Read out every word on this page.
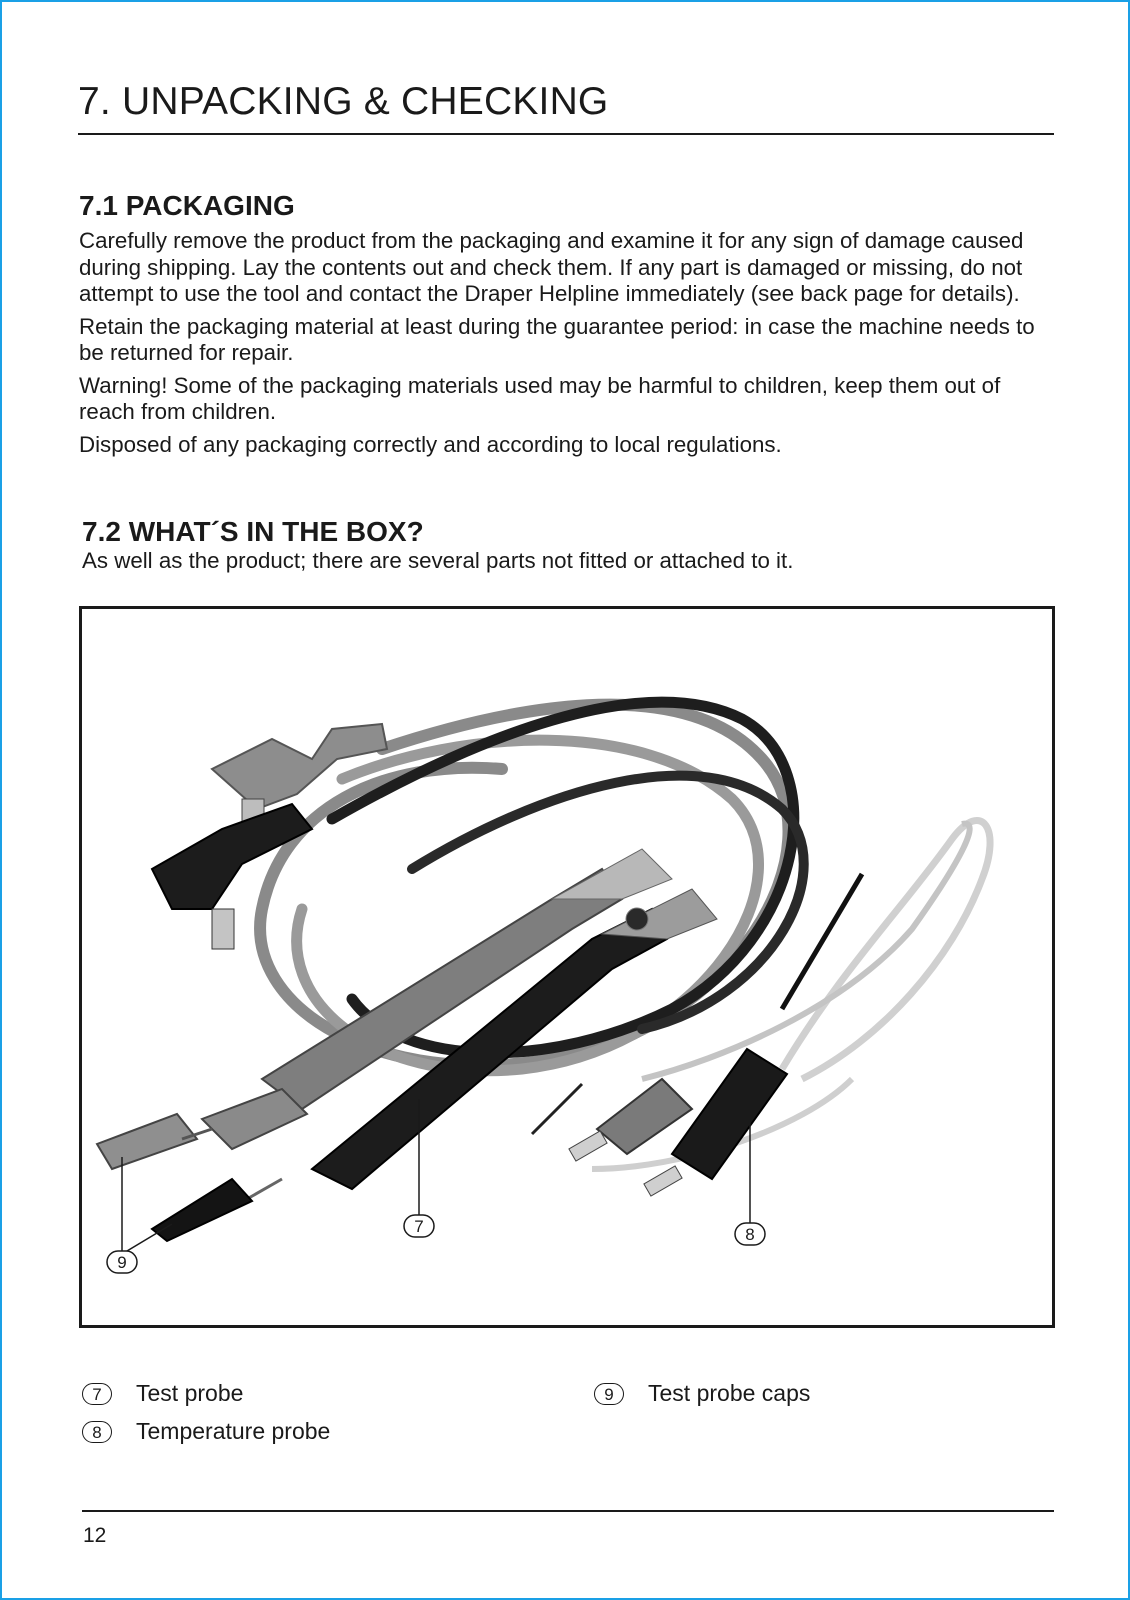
7. UNPACKING & CHECKING
7.1 PACKAGING

Carefully remove the product from the packaging and examine it for any sign of damage caused during shipping. Lay the contents out and check them. If any part is damaged or missing, do not attempt to use the tool and contact the Draper Helpline immediately (see back page for details).

Retain the packaging material at least during the guarantee period: in case the machine needs to be returned for repair.

Warning! Some of the packaging materials used may be harmful to children, keep them out of reach from children.

Disposed of any packaging correctly and according to local regulations.

7.2 WHAT´S IN THE BOX?
As well as the product; there are several parts not fitted or attached to it.
7	8
9
7	Test probe
8	Temperature probe
9	Test probe caps
12
